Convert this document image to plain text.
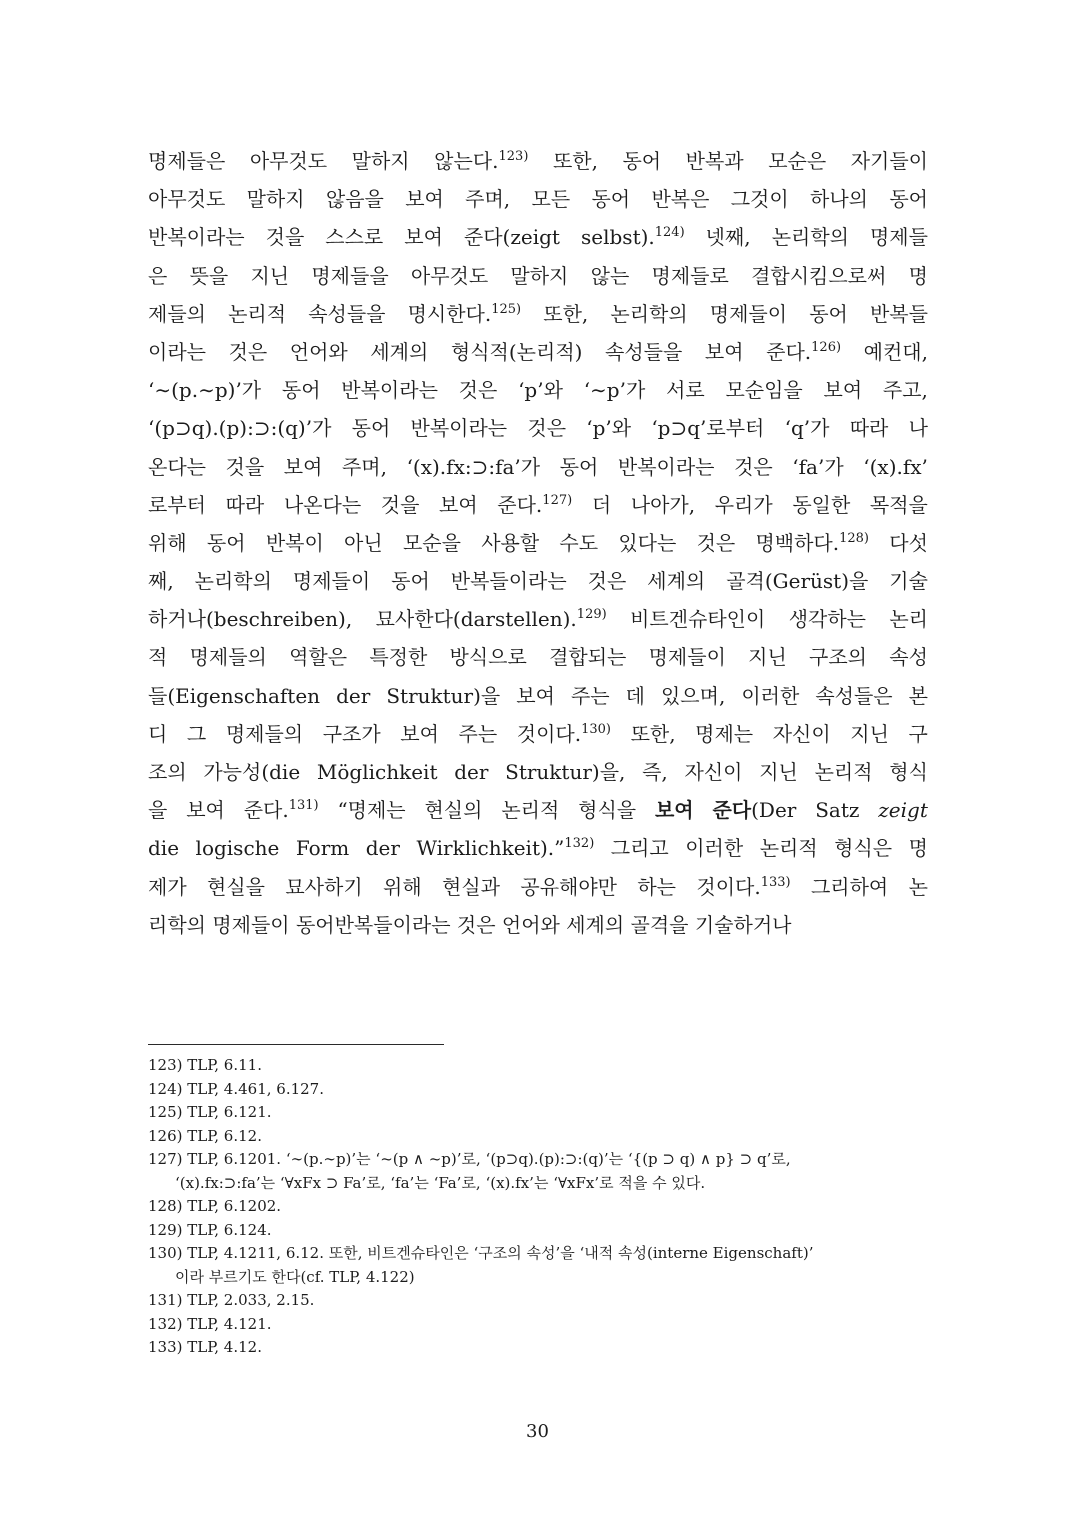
명제들은 아무것도 말하지 않는다.$^{123)}$ 또한, 동어 반복과 모순은 자기들이
아무것도 말하지 않음을 보여 주며, 모든 동어 반복은 그것이 하나의 동어
반복이라는 것을 스스로 보여 준다(zeigt selbst).$^{124)}$ 넷째, 논리학의 명제들
은 뜻을 지닌 명제들을 아무것도 말하지 않는 명제들로 결합시킴으로써 명
제들의 논리적 속성들을 명시한다.$^{125)}$ 또한, 논리학의 명제들이 동어 반복들
이라는 것은 언어와 세계의 형식적(논리적) 속성들을 보여 준다.$^{126)}$ 예컨대,
‘∼(p.∼p)’가 동어 반복이라는 것은 ‘p’와 ‘∼p’가 서로 모순임을 보여 주고,
‘(p⊃q).(p):⊃:(q)’가 동어 반복이라는 것은 ‘p’와 ‘p⊃q’로부터 ‘q’가 따라 나
온다는 것을 보여 주며, ‘(x).fx:⊃:fa’가 동어 반복이라는 것은 ‘fa’가 ‘(x).fx’
로부터 따라 나온다는 것을 보여 준다.$^{127)}$ 더 나아가, 우리가 동일한 목적을
위해 동어 반복이 아닌 모순을 사용할 수도 있다는 것은 명백하다.$^{128)}$ 다섯
째, 논리학의 명제들이 동어 반복들이라는 것은 세계의 골격(Gerüst)을 기술
하거나(beschreiben), 묘사한다(darstellen).$^{129)}$ 비트겐슈타인이 생각하는 논리
적 명제들의 역할은 특정한 방식으로 결합되는 명제들이 지닌 구조의 속성
들(Eigenschaften der Struktur)을 보여 주는 데 있으며, 이러한 속성들은 본
디 그 명제들의 구조가 보여 주는 것이다.$^{130)}$ 또한, 명제는 자신이 지닌 구
조의 가능성(die Möglichkeit der Struktur)을, 즉, 자신이 지닌 논리적 형식
을 보여 준다.$^{131)}$ “명제는 현실의 논리적 형식을 보여 준다(Der Satz zeigt
die logische Form der Wirklichkeit).”$^{132)}$ 그리고 이러한 논리적 형식은 명
제가 현실을 묘사하기 위해 현실과 공유해야만 하는 것이다.$^{133)}$ 그리하여 논
리학의 명제들이 동어반복들이라는 것은 언어와 세계의 골격을 기술하거나
123) TLP, 6.11.
124) TLP, 4.461, 6.127.
125) TLP, 6.121.
126) TLP, 6.12.
127) TLP, 6.1201. ‘∼(p.∼p)’는 ‘~(p ∧ ~p)’로, ‘(p⊃q).(p):⊃:(q)’는 ‘{(p ⊃ q) ∧ p} ⊃ q’로,
‘(x).fx:⊃:fa’는 ‘∀xFx ⊃ Fa’로, ‘fa’는 ‘Fa’로, ‘(x).fx’는 ‘∀xFx’로 적을 수 있다.
128) TLP, 6.1202.
129) TLP, 6.124.
130) TLP, 4.1211, 6.12. 또한, 비트겐슈타인은 ‘구조의 속성’을 ‘내적 속성(interne Eigenschaft)’
이라 부르기도 한다(cf. TLP, 4.122)
131) TLP, 2.033, 2.15.
132) TLP, 4.121.
133) TLP, 4.12.
30
